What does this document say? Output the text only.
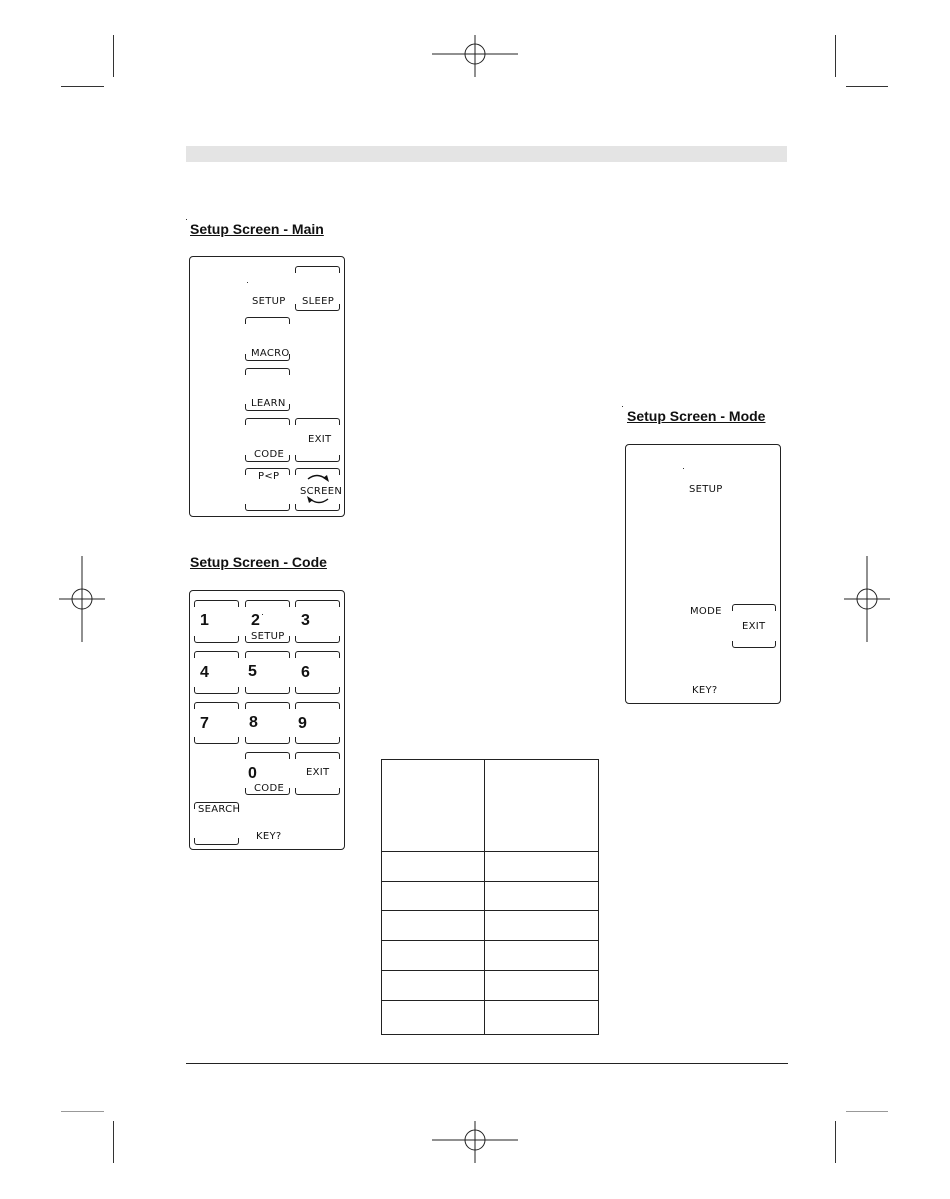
Setup Screen - Main
SLEEP
SETUP
MACRO
LEARN
CODE
EXIT
P<P
SCREEN
Setup Screen - Mode
SETUP
MODE
EXIT
KEY?
Setup Screen - Code
1	2
SETUP
3
4 5	6
7	8	9
0
CODE
EXIT
SEARCH
KEY?
